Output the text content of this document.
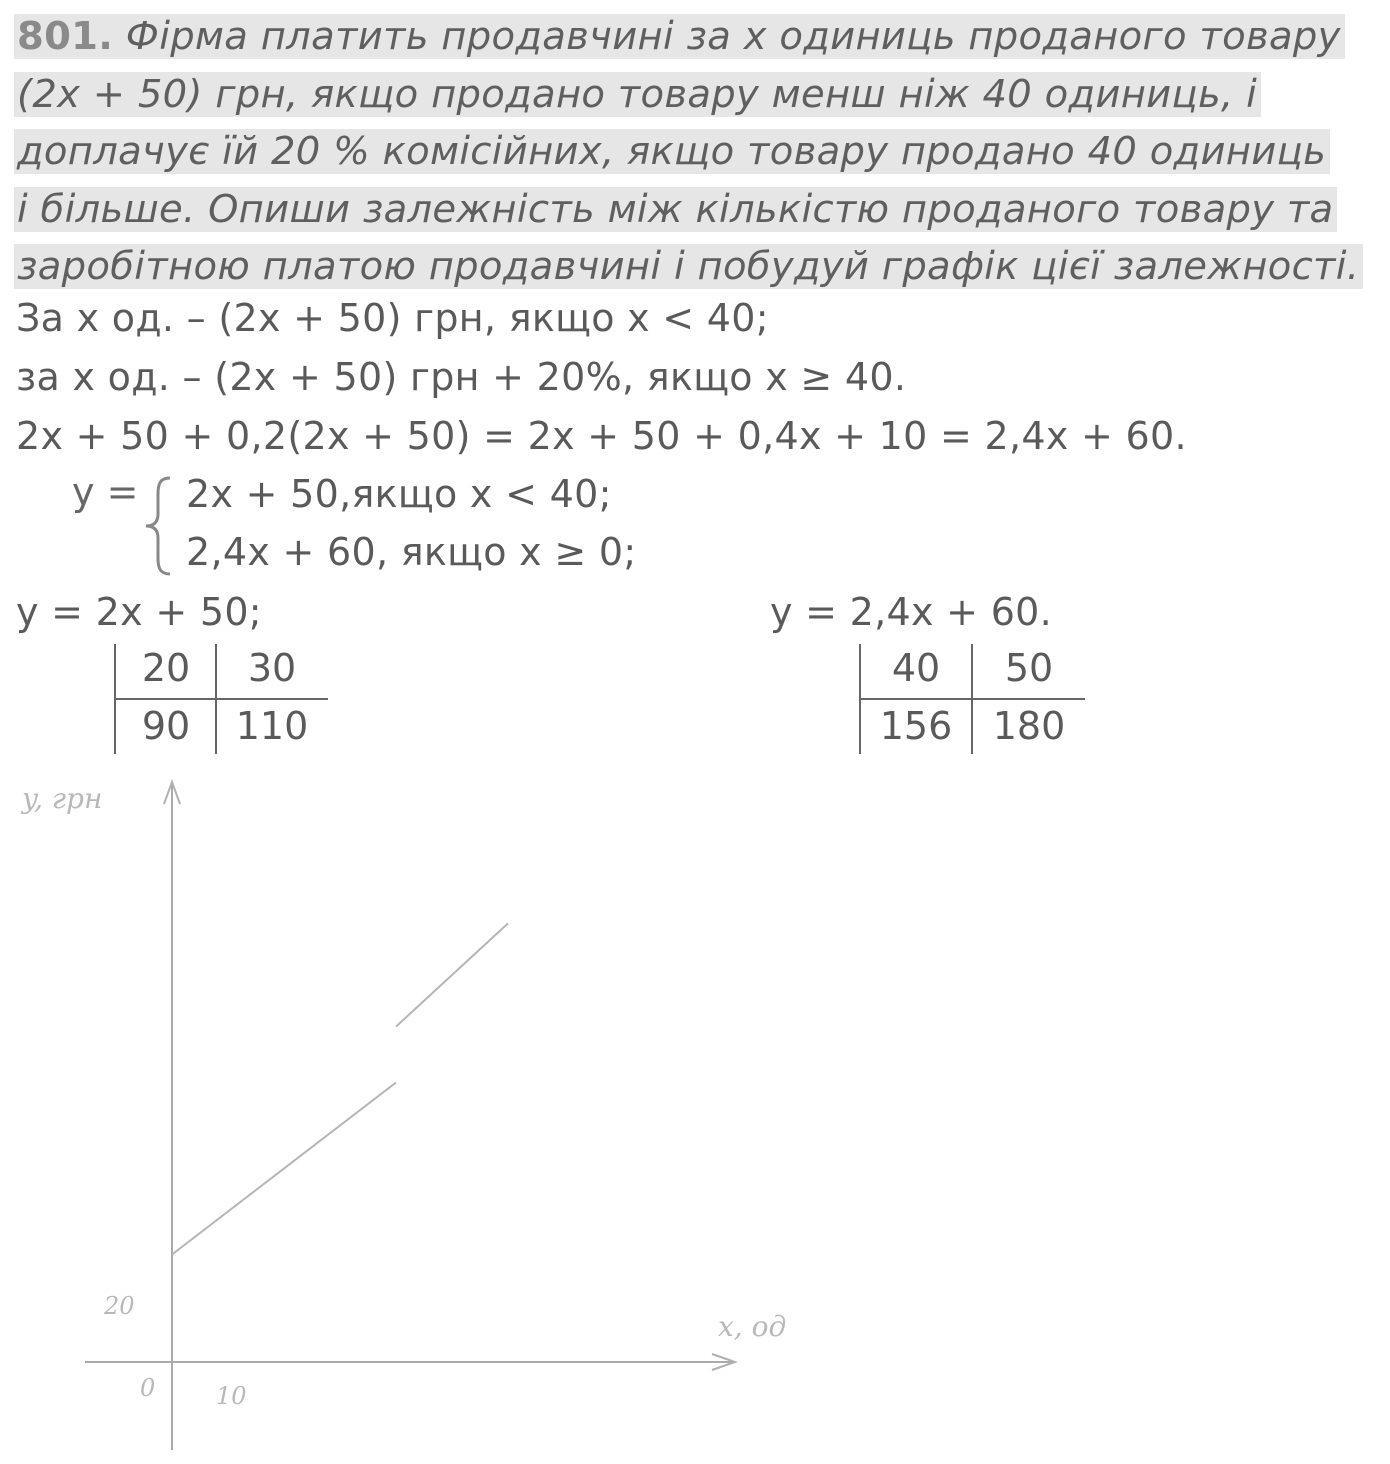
801. Фірма платить продавчині за x одиниць проданого товару
(2x + 50) грн, якщо продано товару менш ніж 40 одиниць, і
доплачує їй 20 % комісійних, якщо товару продано 40 одиниць
і більше. Опиши залежність між кількістю проданого товару та
заробітною платою продавчині і побудуй графік цієї залежності.
За x од. – (2x + 50) грн, якщо x < 40;
за x од. – (2x + 50) грн + 20%, якщо x ≥ 40.
2x + 50 + 0,2(2x + 50) = 2x + 50 + 0,4x + 10 = 2,4x + 60.
y = 2x + 50,якщо x < 40;
2,4x + 60, якщо x ≥ 0;
y = 2x + 50;
20	30
90	110
y = 2,4x + 60.
40	50
156	180
y, грн
x, од
20
0	10
